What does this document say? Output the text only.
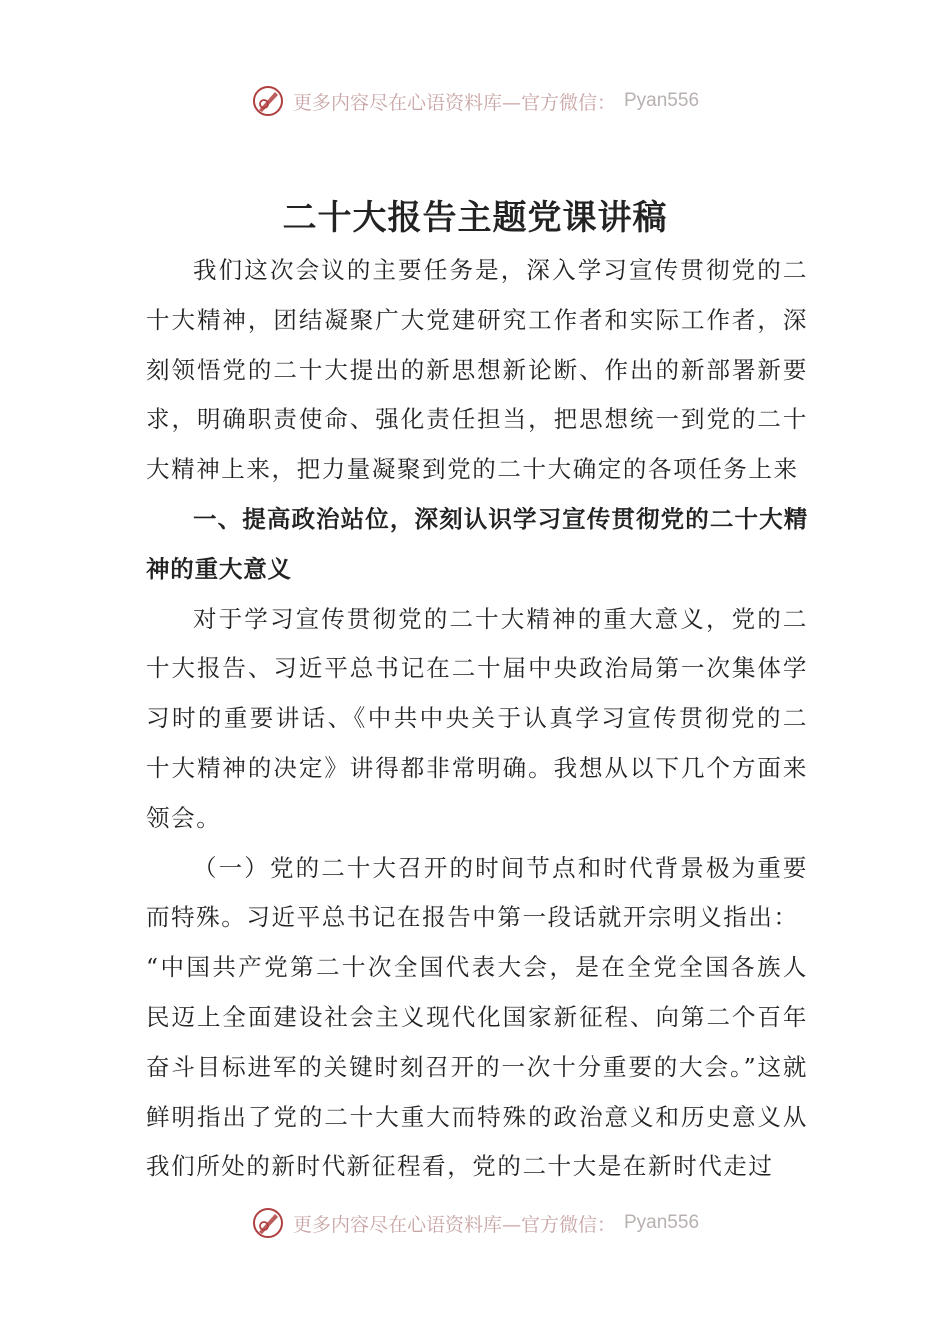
更多内容尽在心语资料库—官方微信： Pyan556
二十大报告主题党课讲稿

我们这次会议的主要任务是，深入学习宣传贯彻党的二十大精神，团结凝聚广大党建研究工作者和实际工作者，深刻领悟党的二十大提出的新思想新论断、作出的新部署新要求，明确职责使命、强化责任担当，把思想统一到党的二十大精神上来，把力量凝聚到党的二十大确定的各项任务上来

一、提高政治站位，深刻认识学习宣传贯彻党的二十大精神的重大意义

对于学习宣传贯彻党的二十大精神的重大意义，党的二十大报告、习近平总书记在二十届中央政治局第一次集体学习时的重要讲话、《中共中央关于认真学习宣传贯彻党的二十大精神的决定》讲得都非常明确。我想从以下几个方面来领会。

（一）党的二十大召开的时间节点和时代背景极为重要而特殊。习近平总书记在报告中第一段话就开宗明义指出：

“中国共产党第二十次全国代表大会，是在全党全国各族人民迈上全面建设社会主义现代化国家新征程、向第二个百年奋斗目标进军的关键时刻召开的一次十分重要的大会。”这就鲜明指出了党的二十大重大而特殊的政治意义和历史意义从我们所处的新时代新征程看，党的二十大是在新时代走过

更多内容尽在心语资料库—官方微信： Pyan556
